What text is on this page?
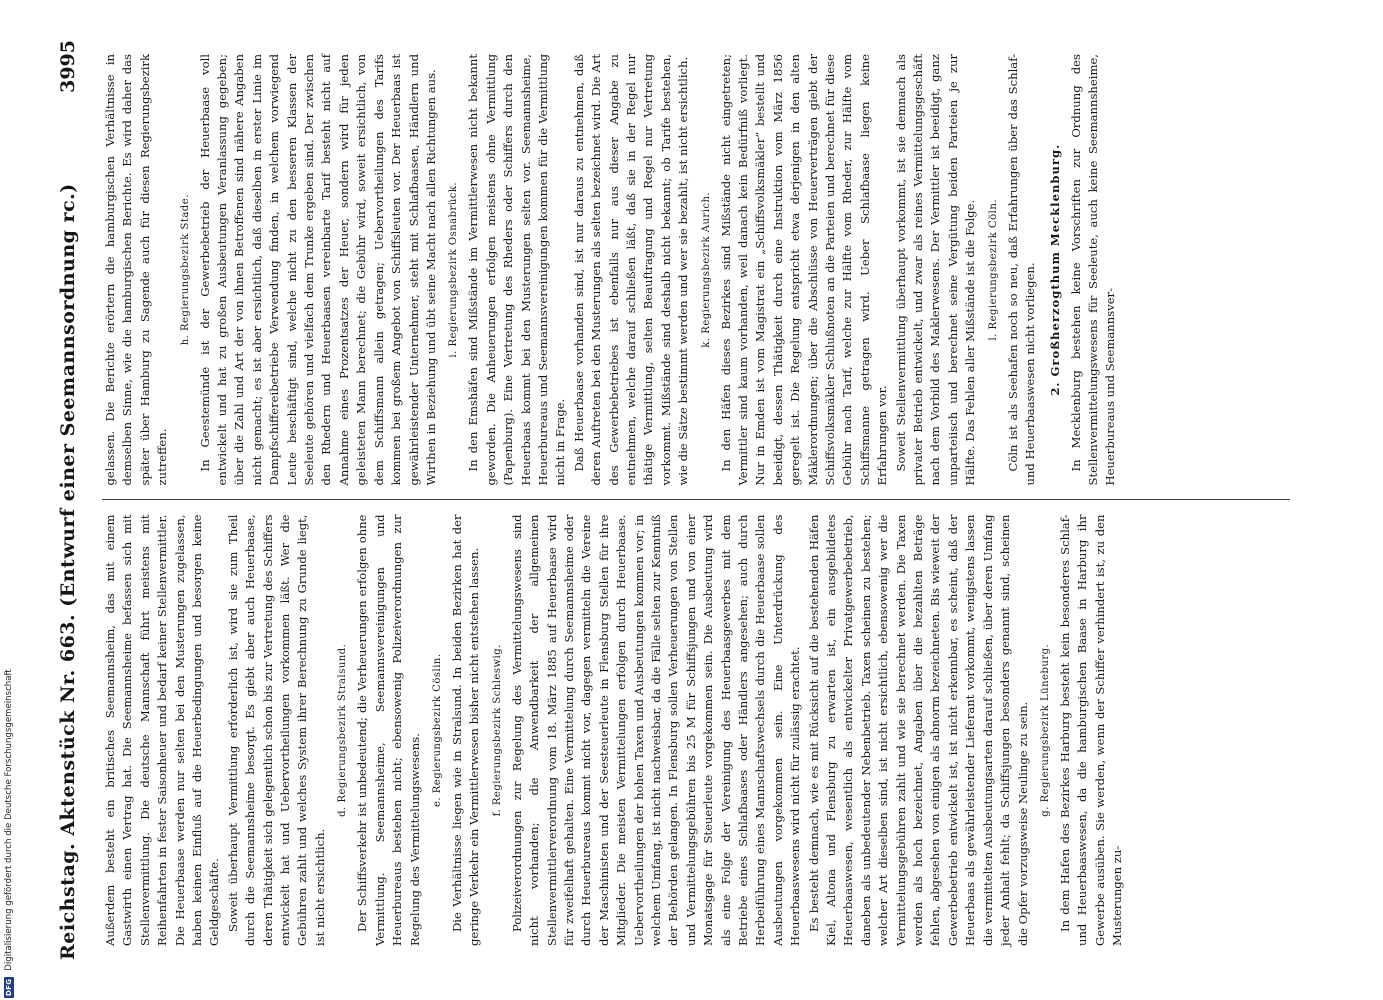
Reichstag. Aktenstück Nr. 663. (Entwurf einer Seemannsordnung rc.)
3995
Außerdem besteht ein britisches Seemannsheim, das mit einem Gastwirth einen Vertrag hat. Die Seemannsheime befassen sich mit Stellenvermittlung. Die deutsche Mannschaft führt meistens mit Reihenfahrten in fester Saisonheuer und bedarf keiner Stellenvermittler. Die Heuerbaase werden nur selten bei den Musterungen zugelassen, haben keinen Einfluß auf die Heuerbedingungen und besorgen keine Geldgeschäfte. Soweit überhaupt Vermittlung erforderlich ist, wird sie zum Theil durch die Seemannsheime besorgt. Es giebt aber auch Heuerbaase, deren Thätigkeit sich gelegentlich schon bis zur Vertretung des Schiffers entwickelt hat und Uebervortheilungen vorkommen läßt. Wer die Gebühren zahlt und welches System ihrer Berechnung zu Grunde liegt, ist nicht ersichtlich.
d. Regierungsbezirk Stralsund. Der Schiffsverkehr ist unbedeutend; die Verheuerungen erfolgen ohne Vermittlung. Seemannsheime, Seemannsvereinigungen und Heuerbureaus bestehen nicht; ebensowenig Polizeiverordnungen zur Regelung des Vermittelungswesens.
e. Regierungsbezirk Cöslin. Die Verhältnisse liegen wie in Stralsund. In beiden Bezirken hat der geringe Verkehr ein Vermittlerwesen bisher nicht entstehen lassen. f. Regierungsbezirk Schleswig. Polizeiverordnungen zur Regelung des Vermittelungswesens sind nicht vorhanden; die Anwendbarkeit der allgemeinen Stellenvermittlerverordnung vom 18. März 1885 auf Heuerbaase wird für zweifelhaft gehalten. Eine Vermittelung durch Seemannsheime oder durch Heuerbureaus kommt nicht vor, dagegen vermitteln die Vereine der Maschinisten und der Seesteuerleute in Flensburg Stellen für ihre Mitglieder. Die meisten Vermittelungen erfolgen durch Heuerbaase. Uebervortheilungen der hohen Taxen und Ausbeutungen kommen vor; in welchem Umfang, ist nicht nachweisbar, da die Fälle selten zur Kenntniß der Behörden gelangen. In Flensburg sollen Verheuerungen von Stellen und Vermittelungsgebühren bis 25 M für Schiffsjungen und von einer Monatsgage für Steuerleute vorgekommen sein. Die Ausbeutung wird als eine Folge der Vereinigung des Heuerbaasgewerbes mit dem Betriebe eines Schlafbaases oder Händlers angesehen; auch durch Herbeiführung eines Mannschaftswechsels durch die Heuerbaase sollen Ausbeutungen vorgekommen sein. Eine Unterdrückung des Heuerbaaswesens wird nicht für zulässig erachtet. Es besteht demnach, wie es mit Rücksicht auf die bestehenden Häfen Kiel, Altona und Flensburg zu erwarten ist, ein ausgebildetes Heuerbaaswesen, wesentlich als entwickelter Privatgewerbebetrieb, daneben als unbedeutender Nebenbetrieb. Taxen scheinen zu bestehen; welcher Art dieselben sind, ist nicht ersichtlich, ebensowenig wer die Vermittelungsgebühren zahlt und wie sie berechnet werden. Die Taxen werden als hoch bezeichnet, Angaben über die bezahlten Beträge fehlen, abgesehen von einigen als abnorm bezeichneten. Bis wieweit der Gewerbebetrieb entwickelt ist, ist nicht erkennbar, es scheint, daß der Heuerbaas als gewährleistender Lieferant vorkommt, wenigstens lassen die vermittelten Ausbeutungsarten darauf schließen, über deren Umfang jeder Anhalt fehlt; da Schiffsjungen besonders genannt sind, scheinen die Opfer vorzugsweise Neulinge zu sein. g. Regierungsbezirk Lüneburg. In dem Hafen des Bezirkes Harburg besteht kein besonderes Schlaf- und Heuerbaaswesen, da die hamburgischen Baase in Harburg ihr Gewerbe ausüben. Sie werden, wenn der Schiffer verhindert ist, zu den Musterungen zu-
gelassen. Die Berichte erörtern die hamburgischen Verhältnisse in demselben Sinne, wie die hamburgischen Berichte. Es wird daher das später über Hamburg zu Sagende auch für diesen Regierungsbezirk zutreffen.
h. Regierungsbezirk Stade. In Geestemünde ist der Gewerbebetrieb der Heuerbaase voll entwickelt und hat zu großen Ausbeutungen Veranlassung gegeben; über die Zahl und Art der von ihnen Betroffenen sind nähere Angaben nicht gemacht; es ist aber ersichtlich, daß dieselben in erster Linie im Dampfschiffereibetriebe Verwendung finden, in welchem vorwiegend Leute beschäftigt sind, welche nicht zu den besseren Klassen der Seeleute gehören und vielfach dem Trunke ergeben sind. Der zwischen den Rhedern und Heuerbaasen vereinbarte Tarif besteht nicht auf Annahme eines Prozentsatzes der Heuer, sondern wird für jeden geleisteten Mann berechnet; die Gebühr wird, soweit ersichtlich, von dem Schiffsmann allein getragen; Uebervortheilungen des Tarifs kommen bei großem Angebot von Schiffsleuten vor. Der Heuerbaas ist gewährleistender Unternehmer, steht mit Schlafbaasen, Händlern und Wirthen in Beziehung und übt seine Macht nach allen Richtungen aus. i. Regierungsbezirk Osnabrück. In den Emshäfen sind Mißstände im Vermittlerwesen nicht bekannt geworden. Die Anheuerungen erfolgen meistens ohne Vermittlung (Papenburg). Eine Vertretung des Rheders oder Schiffers durch den Heuerbaas kommt bei den Musterungen selten vor. Seemannsheime, Heuerbureaus und Seemannsvereinigungen kommen für die Vermittlung nicht in Frage. Daß Heuerbaase vorhanden sind, ist nur daraus zu entnehmen, daß deren Auftreten bei den Musterungen als selten bezeichnet wird. Die Art des Gewerbebetriebes ist ebenfalls nur aus dieser Angabe zu entnehmen, welche darauf schließen läßt, daß sie in der Regel nur thätige Vermittlung, selten Beauftragung und Regel nur Vertretung vorkommt. Mißstände sind deshalb nicht bekannt; ob Tarife bestehen, wie die Sätze bestimmt werden und wer sie bezahlt, ist nicht ersichtlich. k. Regierungsbezirk Aurich. In den Häfen dieses Bezirkes sind Mißstände nicht eingetreten; Vermittler sind kaum vorhanden, weil danach kein Bedürfniß vorliegt. Nur in Emden ist vom Magistrat ein „Schiffsvolksmäkler“ bestellt und beeidigt, dessen Thätigkeit durch eine Instruktion vom März 1856 geregelt ist. Die Regelung entspricht etwa derjenigen in den alten Mäklerordnungen; über die Abschlüsse von Heuerverträgen giebt der Schiffsvolksmäkler Schlußnoten an die Parteien und berechnet für diese Gebühr nach Tarif, welche zur Hälfte vom Rheder, zur Hälfte vom Schiffsmanne getragen wird. Ueber Schlafbaase liegen keine Erfahrungen vor. Soweit Stellenvermittlung überhaupt vorkommt, ist sie demnach als privater Betrieb entwickelt, und zwar als reines Vermittelungsgeschäft nach dem Vorbild des Maklerwesens. Der Vermittler ist beeidigt, ganz unparteiisch und berechnet seine Vergütung beiden Parteien je zur Hälfte. Das Fehlen aller Mißstände ist die Folge. l. Regierungsbezirk Cöln. Cöln ist als Seehafen noch so neu, daß Erfahrungen über das Schlaf- und Heuerbaaswesen nicht vorliegen. 2. Großherzogthum Mecklenburg. In Mecklenburg bestehen keine Vorschriften zur Ordnung des Stellenvermittelungswesens für Seeleute, auch keine Seemannsheime, Heuerbureaus und Seemannsver-
DFG
Digitalisierung gefördert durch die Deutsche Forschungsgemeinschaft
